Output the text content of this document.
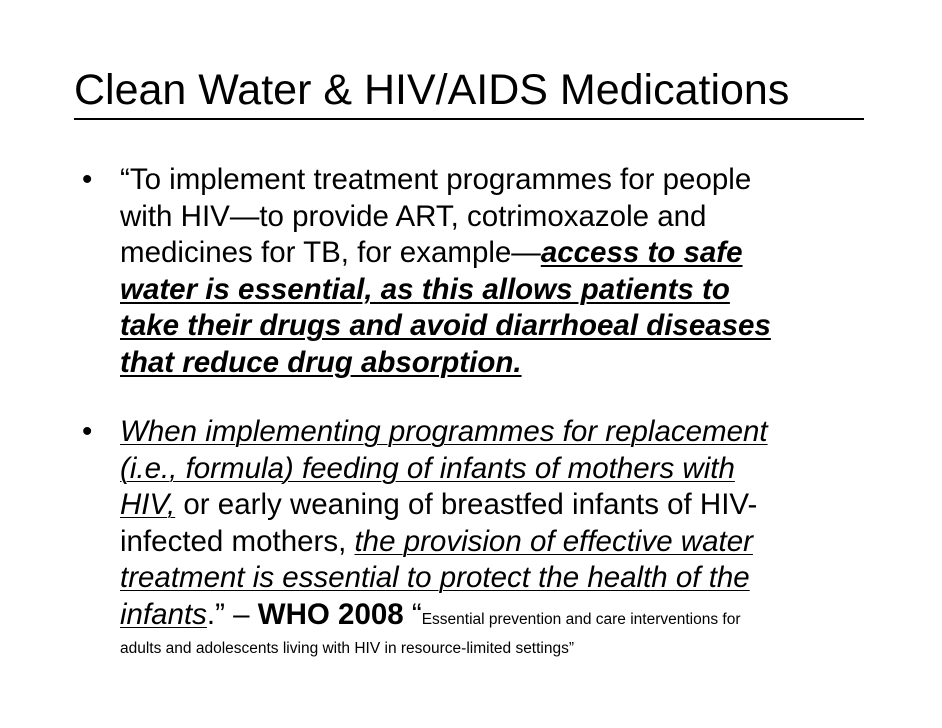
Clean Water & HIV/AIDS Medications
• “To implement treatment programmes for people
with HIV—to provide ART, cotrimoxazole and
medicines for TB, for example—access to safe
water is essential, as this allows patients to
take their drugs and avoid diarrhoeal diseases
that reduce drug absorption.
• When implementing programmes for replacement
(i.e., formula) feeding of infants of mothers with
HIV, or early weaning of breastfed infants of HIV-
infected mothers, the provision of effective water
treatment is essential to protect the health of the
infants.” – WHO 2008 “Essential prevention and care interventions for
adults and adolescents living with HIV in resource-limited settings”
